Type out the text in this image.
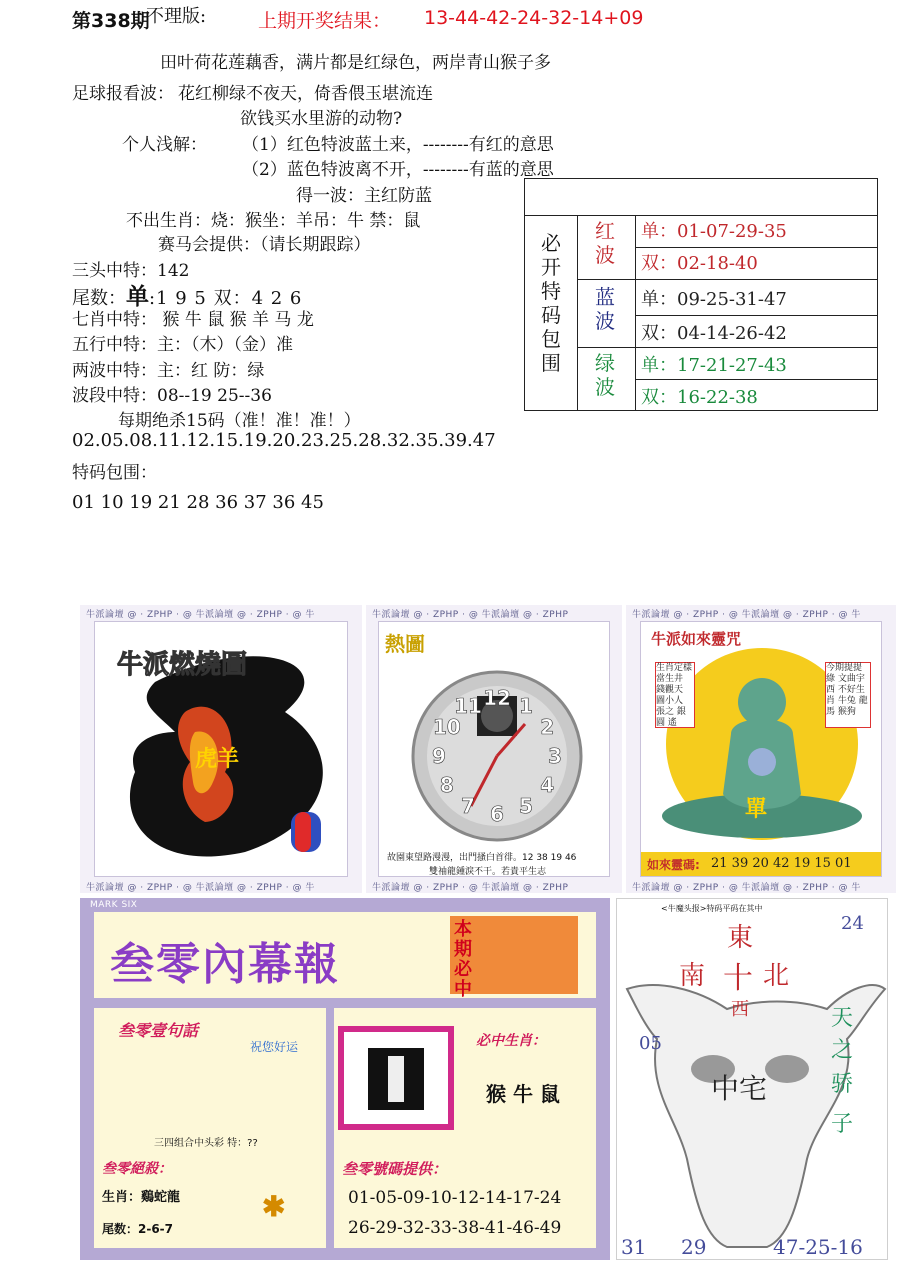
第338期
不理版:	上期开奖结果： 13-44-42-24-32-14+09
田叶荷花莲藕香，满片都是红绿色，两岸青山猴子多
足球报看波： 花红柳绿不夜天，倚香偎玉堪流连
欲钱买水里游的动物?
个人浅解： （1）红色特波蓝土来，--------有红的意思
（2）蓝色特波离不开，--------有蓝的意思
得一波：主红防蓝
不出生肖：烧：猴坐：羊吊：牛 禁：鼠
赛马会提供：（请长期跟踪）
三头中特：142
尾数：单:1 9 5 双：4 2 6
七肖中特： 猴 牛 鼠 猴 羊 马 龙
五行中特：主：（木）（金）准
两波中特：主：红 防：绿
波段中特：08--19 25--36
每期绝杀15码（准！准！准！）
02.05.08.11.12.15.19.20.23.25.28.32.35.39.47
特码包围：
01 10 19 21 28 36 37 36 45
必开特码包围
红波
蓝波
绿波
单：01-07-29-35
双：02-18-40
单：09-25-31-47
双：04-14-26-42
单：17-21-27-43
双：16-22-38
牛派論壇 @ · ZPHP · @ 牛派論壇 @ · ZPHP · @ 牛
牛派論壇 @ · ZPHP · @ 牛派論壇 @ · ZPHP · @ 牛
牛派燃燒圖
虎羊
牛派論壇 @ · ZPHP · @ 牛派論壇 @ · ZPHP
牛派論壇 @ · ZPHP · @ 牛派論壇 @ · ZPHP
熱圖
12 1
2
3
4
5
6
7
8
9
10
11
故園東望路漫漫，出門搔白首徘。12 38 19 46
雙袖龍鍾淚不干。若貴平生志
牛派論壇 @ · ZPHP · @ 牛派論壇 @ · ZPHP · @ 牛
牛派論壇 @ · ZPHP · @ 牛派論壇 @ · ZPHP · @ 牛
牛派如來靈咒
生肖定樣 當生井 錢觀天 圖小人 張之 銀 圓 遙
今期提提 綠 文曲宇 西 不好生肖 牛兔 龍馬 猴狗
單
如來靈碼: 21 39 20 42 19 15 01
MARK SIX
叁零內幕報
本期必中
叁零壹句話
祝您好运
三四组合中头彩 特：??
叁零絕殺：
生肖：鷄蛇龍
尾数：2-6-7
✱
必中生肖：
猴 牛 鼠
叁零號碼提供：
01-05-09-10-12-14-17-24
26-29-32-33-38-41-46-49
<牛魔头报>特码平码在其中
東
南 十 北
西
24
05
天
之
骄
子
中宅
31 29	47-25-16
